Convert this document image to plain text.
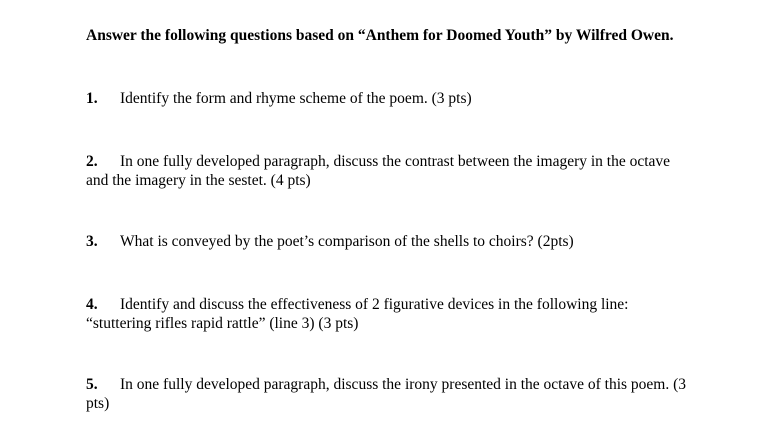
Answer the following questions based on “Anthem for Doomed Youth” by Wilfred Owen.
1. Identify the form and rhyme scheme of the poem. (3 pts)
2. In one fully developed paragraph, discuss the contrast between the imagery in the octave
and the imagery in the sestet. (4 pts)
3. What is conveyed by the poet’s comparison of the shells to choirs? (2pts)
4. Identify and discuss the effectiveness of 2 figurative devices in the following line:
“stuttering rifles rapid rattle” (line 3) (3 pts)
5. In one fully developed paragraph, discuss the irony presented in the octave of this poem. (3
pts)
